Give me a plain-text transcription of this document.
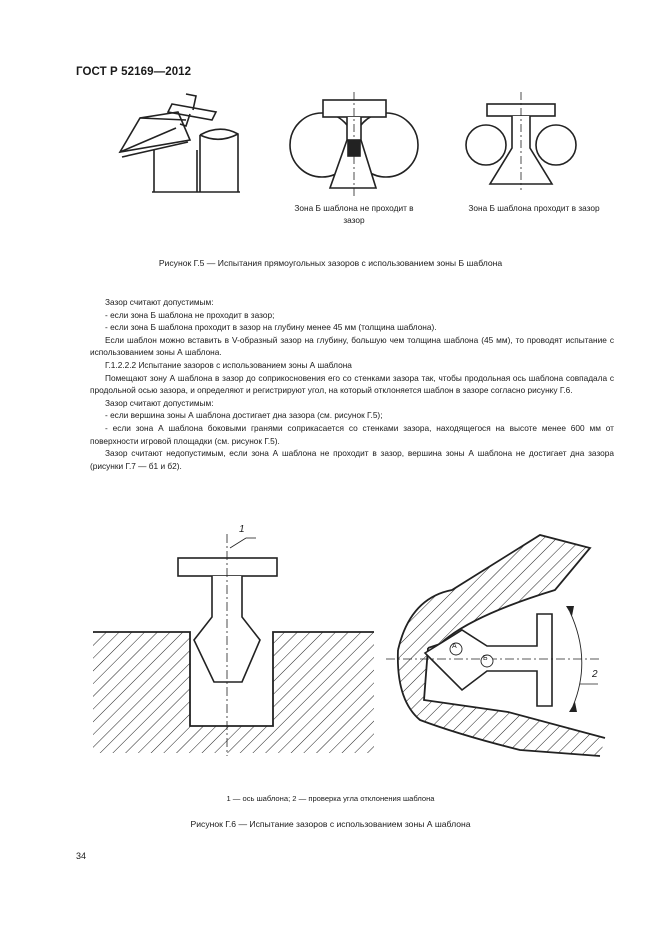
ГОСТ Р 52169—2012
Зона Б шаблона не проходит в зазор
Зона Б шаблона проходит в зазор
Рисунок Г.5 — Испытания прямоугольных зазоров с использованием зоны Б шаблона

Зазор считают допустимым:

- если зона Б шаблона не проходит в зазор;

- если зона Б шаблона проходит в зазор на глубину менее 45 мм (толщина шаблона).

Если шаблон можно вставить в V-образный зазор на глубину, большую чем толщина шаблона (45 мм), то проводят испытание с использованием зоны А шаблона.

Г.1.2.2.2 Испытание зазоров с использованием зоны А шаблона

Помещают зону А шаблона в зазор до соприкосновения его со стенками зазора так, чтобы продольная ось шаблона совпадала с продольной осью зазора, и определяют и регистрируют угол, на который отклоняется шаблон в зазоре согласно рисунку Г.6.

Зазор считают допустимым:

- если вершина зоны А шаблона достигает дна зазора (см. рисунок Г.5);

- если зона А шаблона боковыми гранями соприкасается со стенками зазора, находящегося на высоте менее 600 мм от поверхности игровой площадки (см. рисунок Г.5).

Зазор считают недопустимым, если зона А шаблона не проходит в зазор, вершина зоны А шаблона не достигает дна зазора (рисунки Г.7 — б1 и б2).

1
2
А
Б
1 — ось шаблона; 2 — проверка угла отклонения шаблона
Рисунок Г.6 — Испытание зазоров с использованием зоны А шаблона
34
